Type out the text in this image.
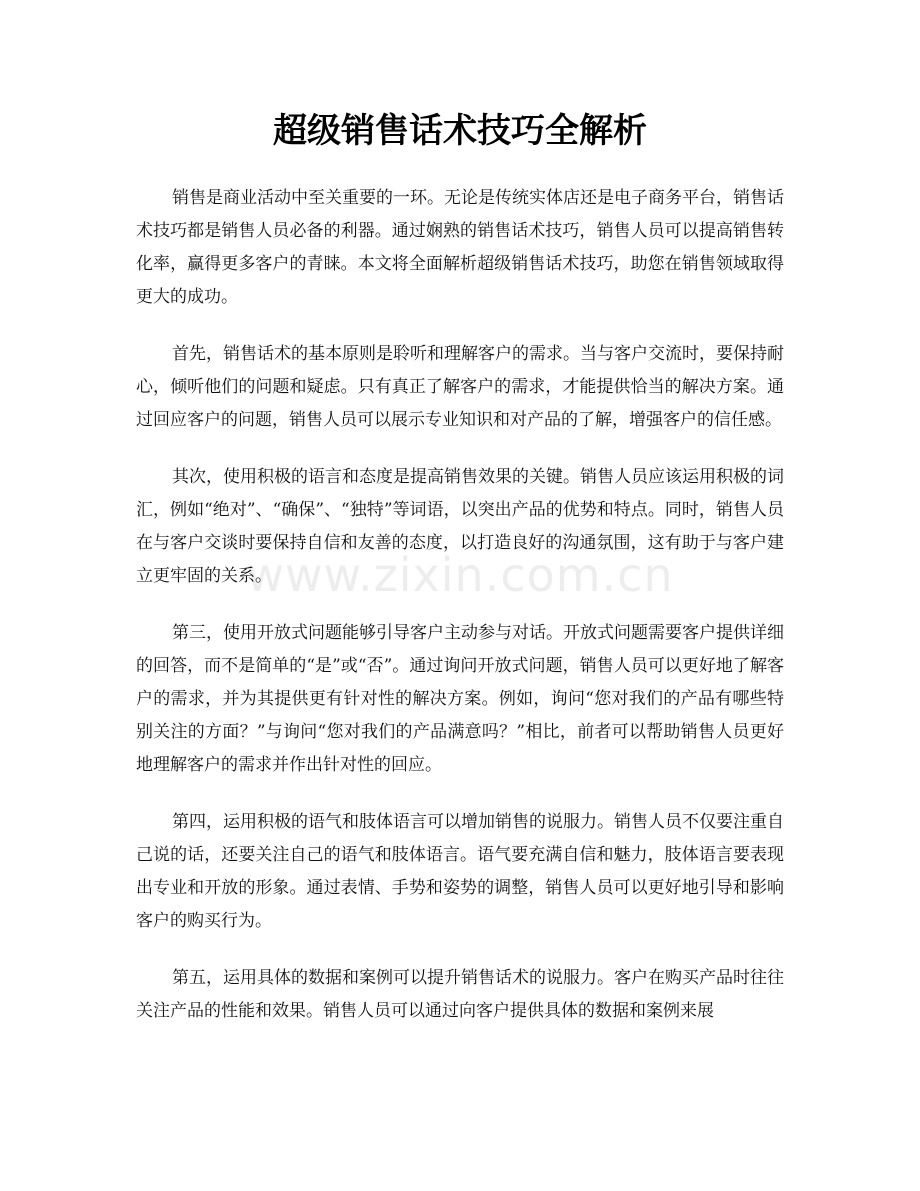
超级销售话术技巧全解析
www.zixin.com.cn

销售是商业活动中至关重要的一环。无论是传统实体店还是电子商务平台，销售话术技巧都是销售人员必备的利器。通过娴熟的销售话术技巧，销售人员可以提高销售转化率，赢得更多客户的青睐。本文将全面解析超级销售话术技巧，助您在销售领域取得更大的成功。

首先，销售话术的基本原则是聆听和理解客户的需求。当与客户交流时，要保持耐心，倾听他们的问题和疑虑。只有真正了解客户的需求，才能提供恰当的解决方案。通过回应客户的问题，销售人员可以展示专业知识和对产品的了解，增强客户的信任感。

其次，使用积极的语言和态度是提高销售效果的关键。销售人员应该运用积极的词汇，例如“绝对”、“确保”、“独特”等词语，以突出产品的优势和特点。同时，销售人员在与客户交谈时要保持自信和友善的态度，以打造良好的沟通氛围，这有助于与客户建立更牢固的关系。

第三，使用开放式问题能够引导客户主动参与对话。开放式问题需要客户提供详细的回答，而不是简单的“是”或“否”。通过询问开放式问题，销售人员可以更好地了解客户的需求，并为其提供更有针对性的解决方案。例如，询问“您对我们的产品有哪些特别关注的方面？”与询问“您对我们的产品满意吗？”相比，前者可以帮助销售人员更好地理解客户的需求并作出针对性的回应。

第四，运用积极的语气和肢体语言可以增加销售的说服力。销售人员不仅要注重自己说的话，还要关注自己的语气和肢体语言。语气要充满自信和魅力，肢体语言要表现出专业和开放的形象。通过表情、手势和姿势的调整，销售人员可以更好地引导和影响客户的购买行为。

第五，运用具体的数据和案例可以提升销售话术的说服力。客户在购买产品时往往关注产品的性能和效果。销售人员可以通过向客户提供具体的数据和案例来展
